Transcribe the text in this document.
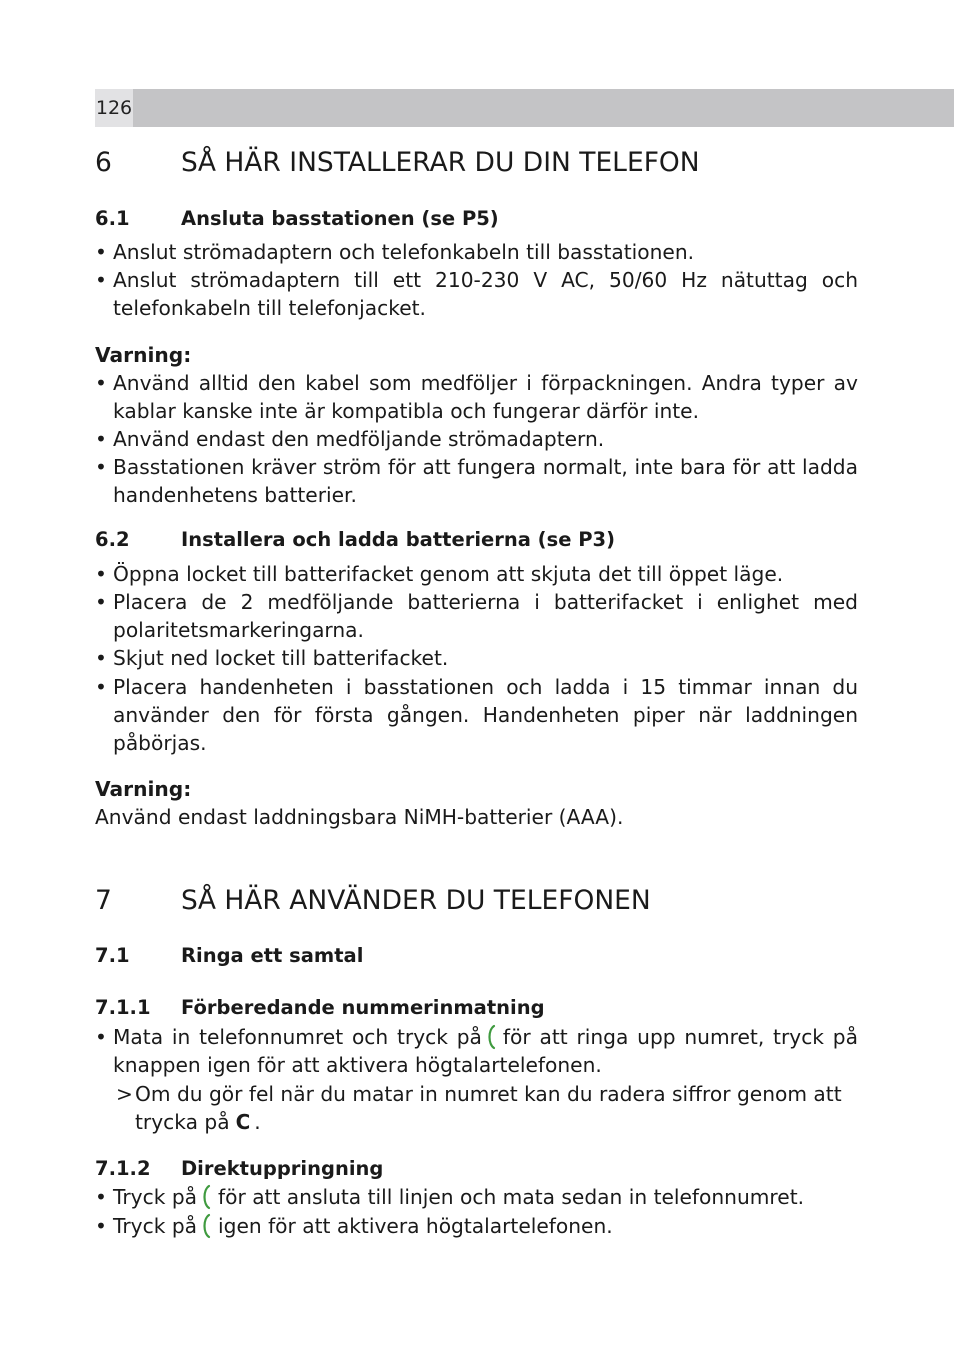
126
6	SÅ HÄR INSTALLERAR DU DIN TELEFON
6.1	Ansluta basstationen (se P5)
• Anslut strömadaptern och telefonkabeln till basstationen.
• Anslut strömadaptern till ett 210-230 V AC, 50/60 Hz nätuttag och telefonkabeln till telefonjacket.
Varning:
• Använd alltid den kabel som medföljer i förpackningen. Andra typer av kablar kanske inte är kompatibla och fungerar därför inte.
• Använd endast den medföljande strömadaptern.
• Basstationen kräver ström för att fungera normalt, inte bara för att ladda handenhetens batterier.
6.2	Installera och ladda batterierna (se P3)
• Öppna locket till batterifacket genom att skjuta det till öppet läge.
• Placera de 2 medföljande batterierna i batterifacket i enlighet med polaritetsmarkeringarna.
• Skjut ned locket till batterifacket.
• Placera handenheten i basstationen och ladda i 15 timmar innan du använder den för första gången. Handenheten piper när laddningen påbörjas.
Varning:
Använd endast laddningsbara NiMH-batterier (AAA).
7	SÅ HÄR ANVÄNDER DU TELEFONEN
7.1	Ringa ett samtal
7.1.1 Förberedande nummerinmatning
• Mata in telefonnumret och tryck på för att ringa upp numret, tryck på knappen igen för att aktivera högtalartelefonen.
> Om du gör fel när du matar in numret kan du radera siffror genom att trycka på C .
7.1.2 Direktuppringning
• Tryck på för att ansluta till linjen och mata sedan in telefonnumret.
• Tryck på igen för att aktivera högtalartelefonen.
